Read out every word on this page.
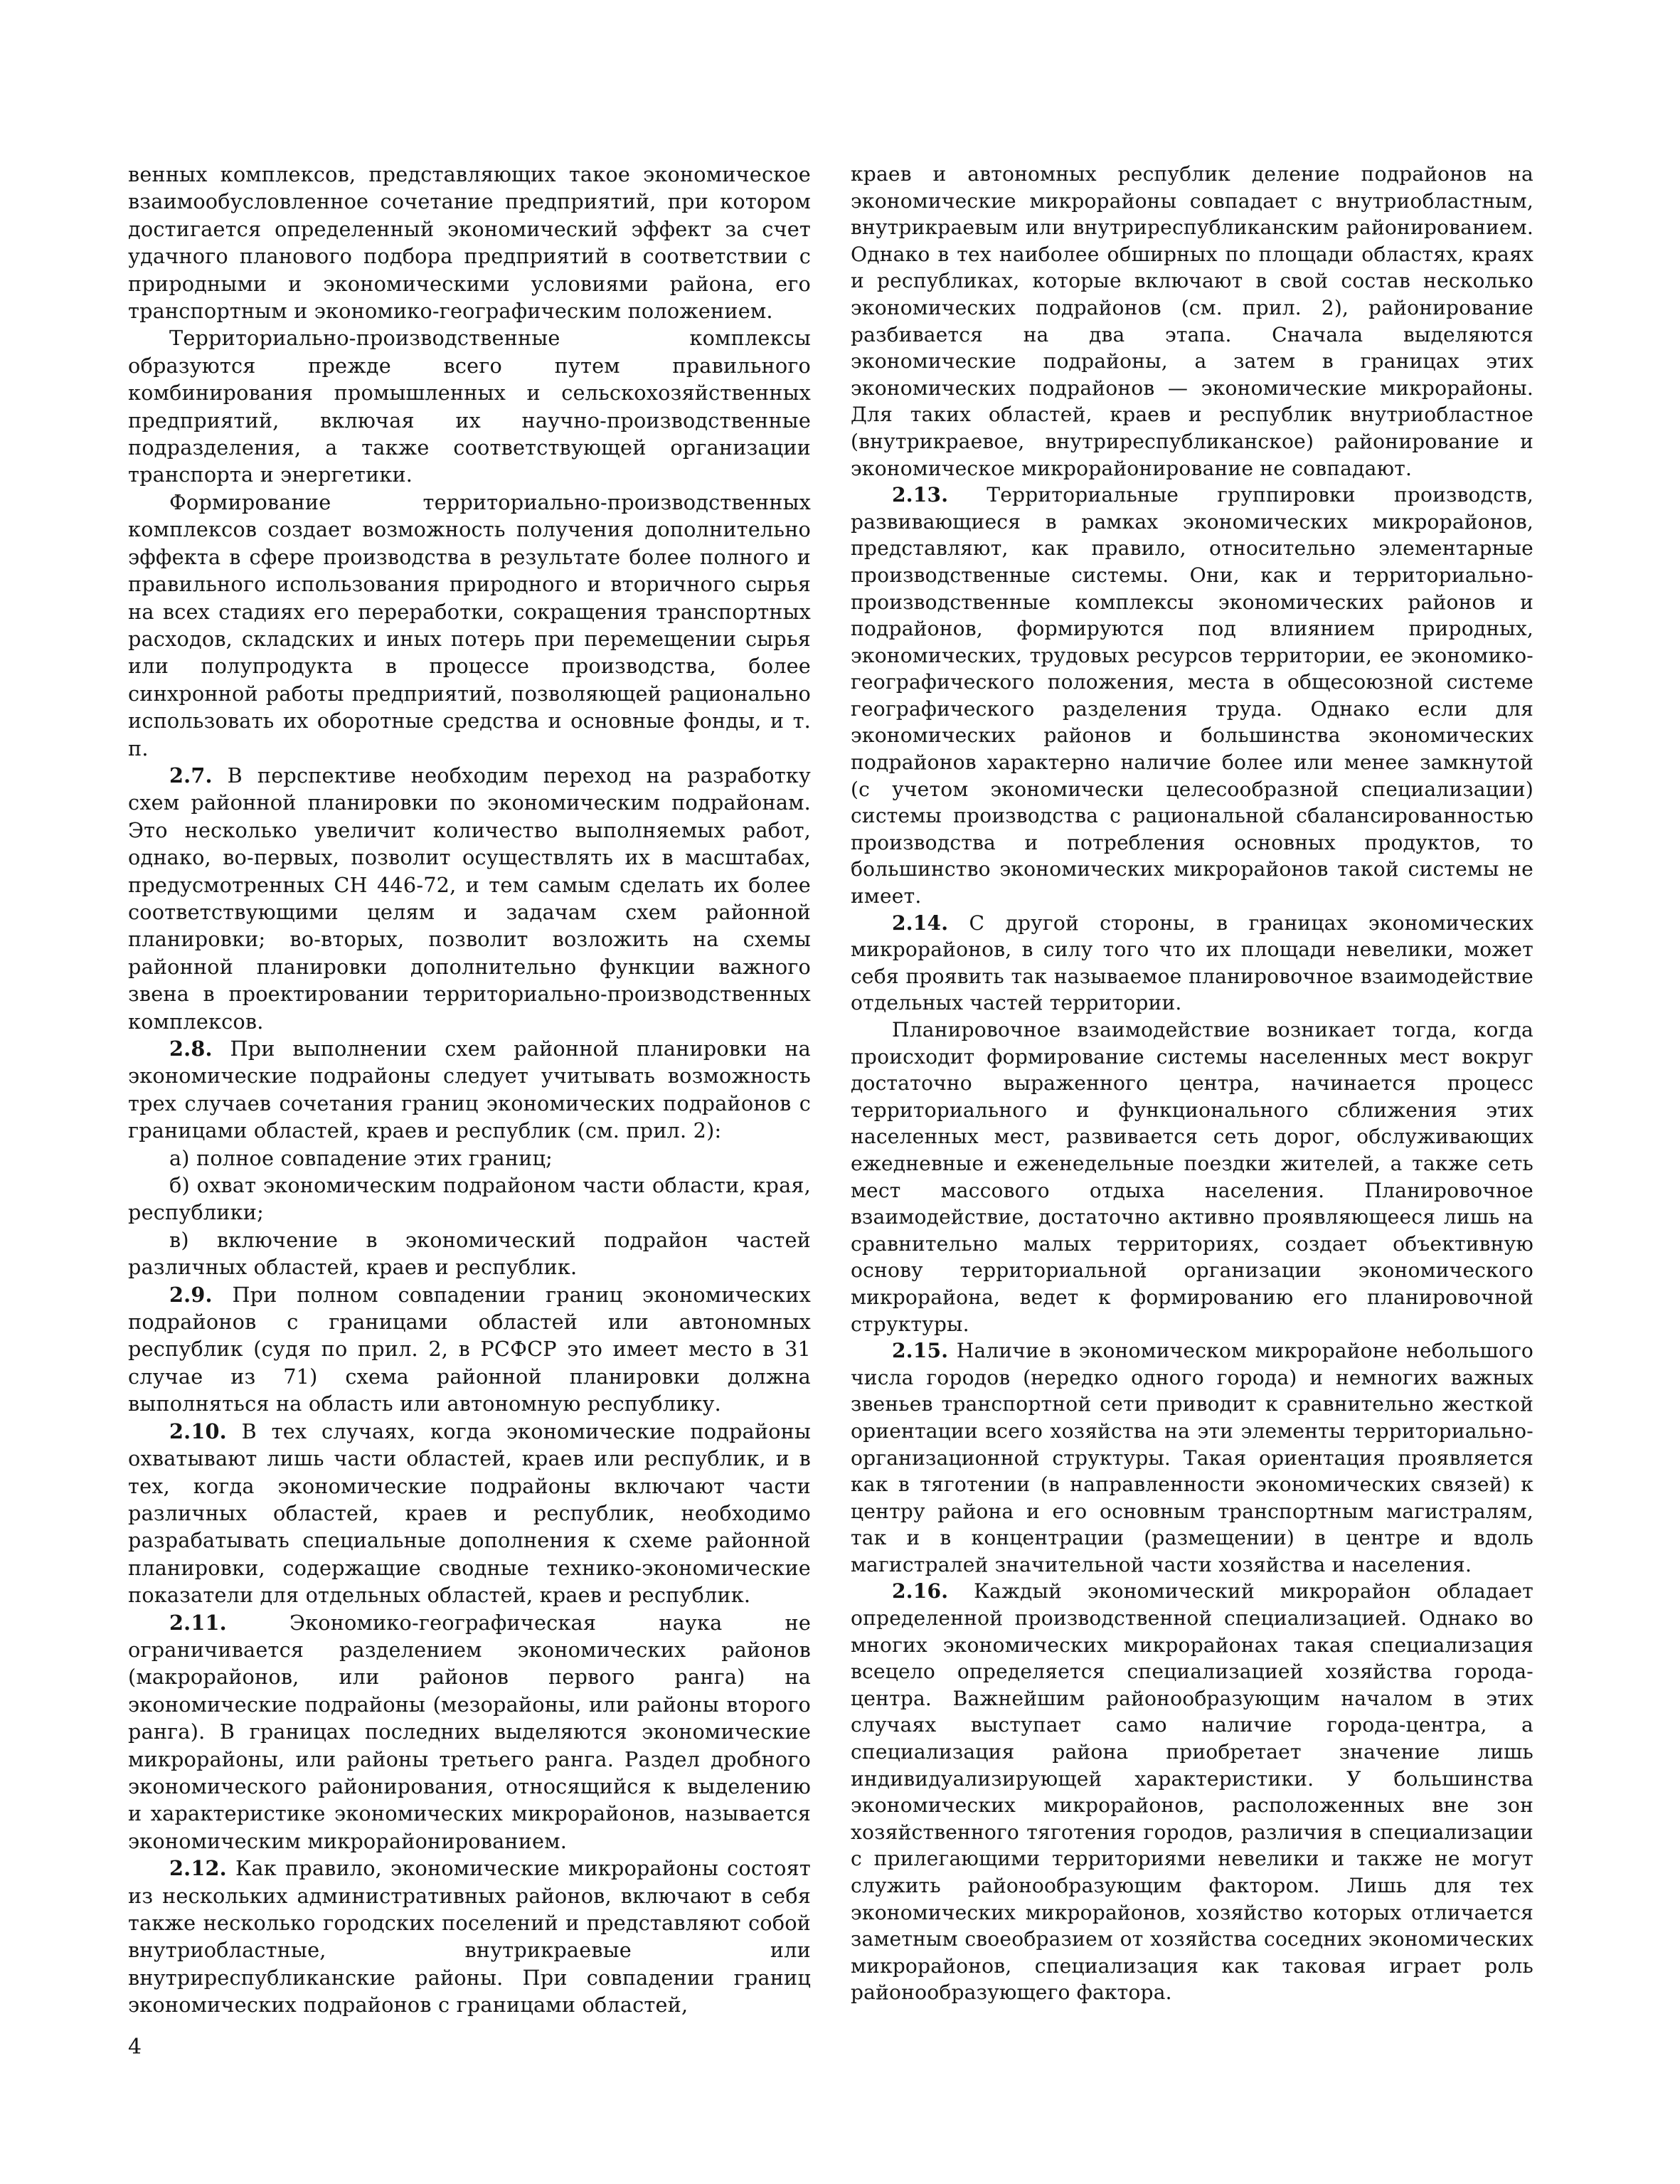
венных комплексов, представляющих такое экономическое взаимообусловленное сочетание предприятий, при котором достигается определенный экономический эффект за счет удачного планового подбора предприятий в соответствии с природными и экономическими условиями района, его транспортным и экономико-географическим положением.

Территориально-производственные комплексы образуются прежде всего путем правильного комбинирования промышленных и сельскохозяйственных предприятий, включая их научно-производственные подразделения, а также соответствующей организации транспорта и энергетики.

Формирование территориально-производственных комплексов создает возможность получения дополнительно эффекта в сфере производства в результате более полного и правильного использования природного и вторичного сырья на всех стадиях его переработки, сокращения транспортных расходов, складских и иных потерь при перемещении сырья или полупродукта в процессе производства, более синхронной работы предприятий, позволяющей рационально использовать их оборотные средства и основные фонды, и т. п.

2.7. В перспективе необходим переход на разработку схем районной планировки по экономическим подрайонам. Это несколько увеличит количество выполняемых работ, однако, во-первых, позволит осуществлять их в масштабах, предусмотренных СН 446-72, и тем самым сделать их более соответствующими целям и задачам схем районной планировки; во-вторых, позволит возложить на схемы районной планировки дополнительно функции важного звена в проектировании территориально-производственных комплексов.

2.8. При выполнении схем районной планировки на экономические подрайоны следует учитывать возможность трех случаев сочетания границ экономических подрайонов с границами областей, краев и республик (см. прил. 2):

а) полное совпадение этих границ;

б) охват экономическим подрайоном части области, края, республики;

в) включение в экономический подрайон частей различных областей, краев и республик.

2.9. При полном совпадении границ экономических подрайонов с границами областей или автономных республик (судя по прил. 2, в РСФСР это имеет место в 31 случае из 71) схема районной планировки должна выполняться на область или автономную республику.

2.10. В тех случаях, когда экономические подрайоны охватывают лишь части областей, краев или республик, и в тех, когда экономические подрайоны включают части различных областей, краев и республик, необходимо разрабатывать специальные дополнения к схеме районной планировки, содержащие сводные технико-экономические показатели для отдельных областей, краев и республик.

2.11.	Экономико-географическая наука не ограничивается разделением экономических районов (макрорайонов, или районов первого ранга) на экономические подрайоны (мезорайоны, или районы второго ранга). В границах последних выделяются экономические микрорайоны, или районы третьего ранга. Раздел дробного экономического районирования, относящийся к выделению и характеристике экономических микрорайонов, называется экономическим микрорайонированием.

2.12. Как правило, экономические микрорайоны состоят из нескольких административных районов, включают в себя также несколько городских поселений и представляют собой внутриобластные, внутрикраевые или внутриреспубликанские районы. При совпадении границ экономических подрайонов с границами областей,

краев и автономных республик деление подрайонов на экономические микрорайоны совпадает с внутриобластным, внутрикраевым или внутриреспубликанским районированием. Однако в тех наиболее обширных по площади областях, краях и республиках, которые включают в свой состав несколько экономических подрайонов (см. прил. 2), районирование разбивается на два этапа. Сначала выделяются экономические подрайоны, а затем в границах этих экономических подрайонов — экономические микрорайоны. Для таких областей, краев и республик внутриобластное (внутрикраевое, внутриреспубликанское) районирование и экономическое микрорайонирование не совпадают.

2.13. Территориальные группировки производств, развивающиеся в рамках экономических микрорайонов, представляют, как правило, относительно элементарные производственные системы. Они, как и территориально-производственные комплексы экономических районов и подрайонов, формируются под влиянием природных, экономических, трудовых ресурсов территории, ее экономико-географического положения, места в общесоюзной системе географического разделения труда. Однако если для экономических районов и большинства экономических подрайонов характерно наличие более или менее замкнутой (с учетом экономически целесообразной специализации) системы производства с рациональной сбалансированностью производства и потребления основных продуктов, то большинство экономических микрорайонов такой системы не имеет.

2.14. С другой стороны, в границах экономических микрорайонов, в силу того что их площади невелики, может себя проявить так называемое планировочное взаимодействие отдельных частей территории.

Планировочное взаимодействие возникает тогда, когда происходит формирование системы населенных мест вокруг достаточно выраженного центра, начинается процесс территориального и функционального сближения этих населенных мест, развивается сеть дорог, обслуживающих ежедневные и еженедельные поездки жителей, а также сеть мест массового отдыха населения. Планировочное взаимодействие, достаточно активно проявляющееся лишь на сравнительно малых территориях, создает объективную основу территориальной организации экономического микрорайона, ведет к формированию его планировочной структуры.

2.15. Наличие в экономическом микрорайоне небольшого числа городов (нередко одного города) и немногих важных звеньев транспортной сети приводит к сравнительно жесткой ориентации всего хозяйства на эти элементы территориально-организационной структуры. Такая ориентация проявляется как в тяготении (в направленности экономических связей) к центру района и его основным транспортным магистралям, так и в концентрации (размещении) в центре и вдоль магистралей значительной части хозяйства и населения.

2.16. Каждый экономический микрорайон обладает определенной производственной специализацией. Однако во многих экономических микрорайонах такая специализация всецело определяется специализацией хозяйства города-центра. Важнейшим районообразующим началом в этих случаях выступает само наличие города-центра, а специализация района приобретает значение лишь индивидуализирующей характеристики. У большинства экономических микрорайонов, расположенных вне зон хозяйственного тяготения городов, различия в специализации с прилегающими территориями невелики и также не могут служить районообразующим фактором. Лишь для тех экономических микрорайонов, хозяйство которых отличается заметным своеобразием от хозяйства соседних экономических микрорайонов, специализация как таковая играет роль районообразующего фактора.

4
